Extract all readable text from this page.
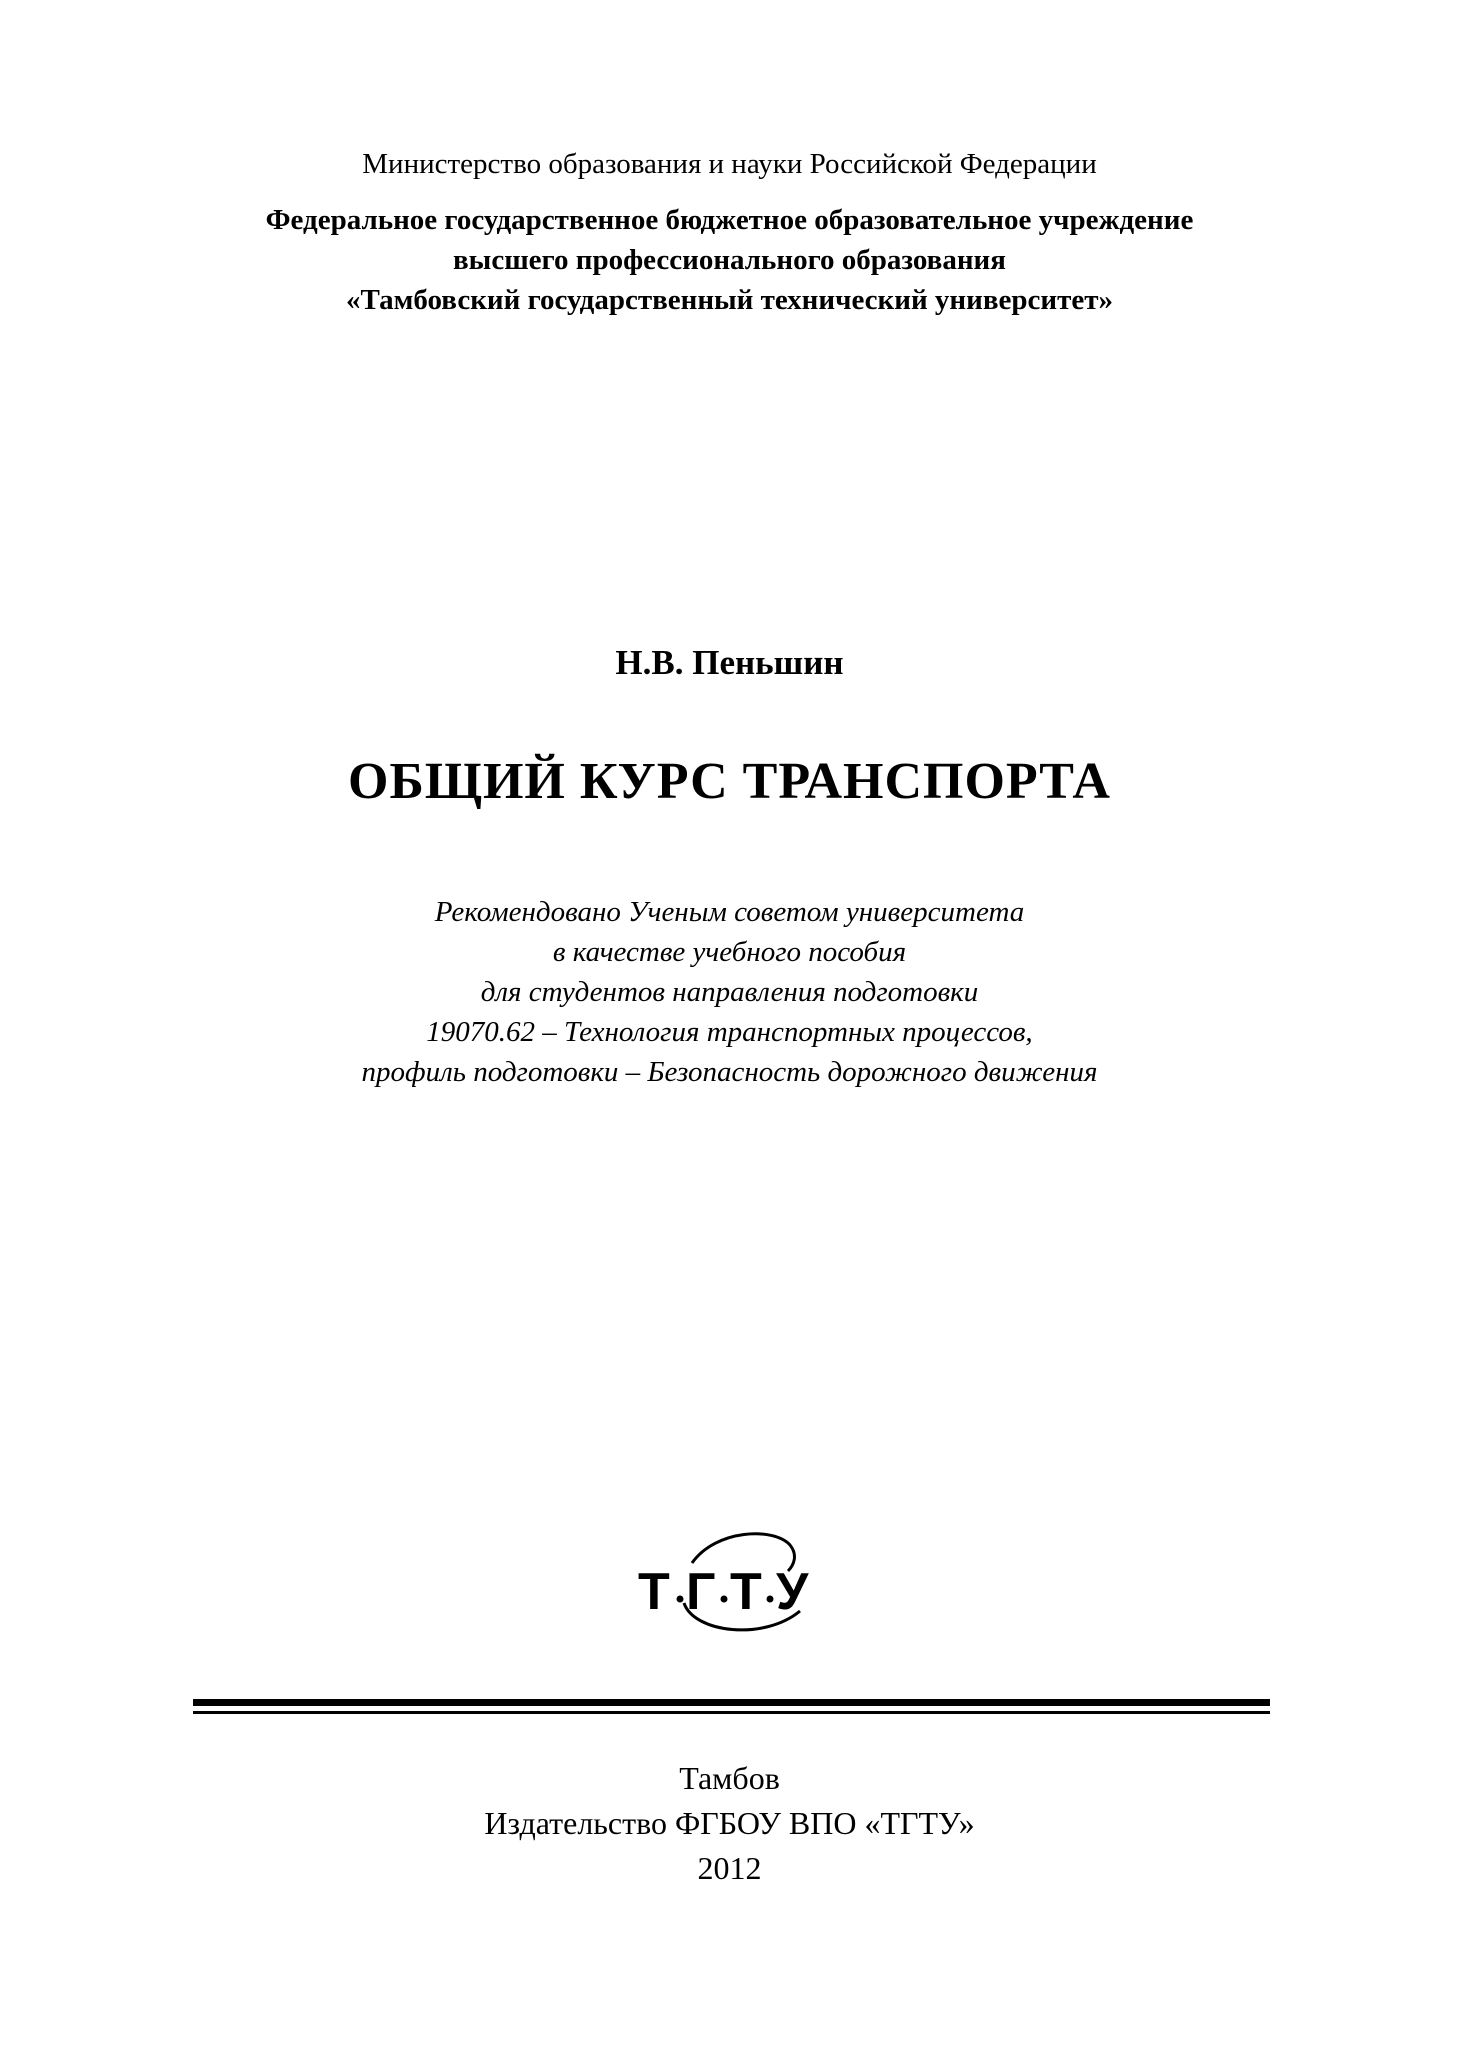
Министерство образования и науки Российской Федерации
Федеральное государственное бюджетное образовательное учреждение
высшего профессионального образования
«Тамбовский государственный технический университет»
Н.В. Пеньшин
ОБЩИЙ КУРС ТРАНСПОРТА
Рекомендовано Ученым советом университета
в качестве учебного пособия
для студентов направления подготовки
19070.62 – Технология транспортных процессов,
профиль подготовки – Безопасность дорожного движения
Т Г Т У
Тамбов
Издательство ФГБОУ ВПО «ТГТУ»
2012
